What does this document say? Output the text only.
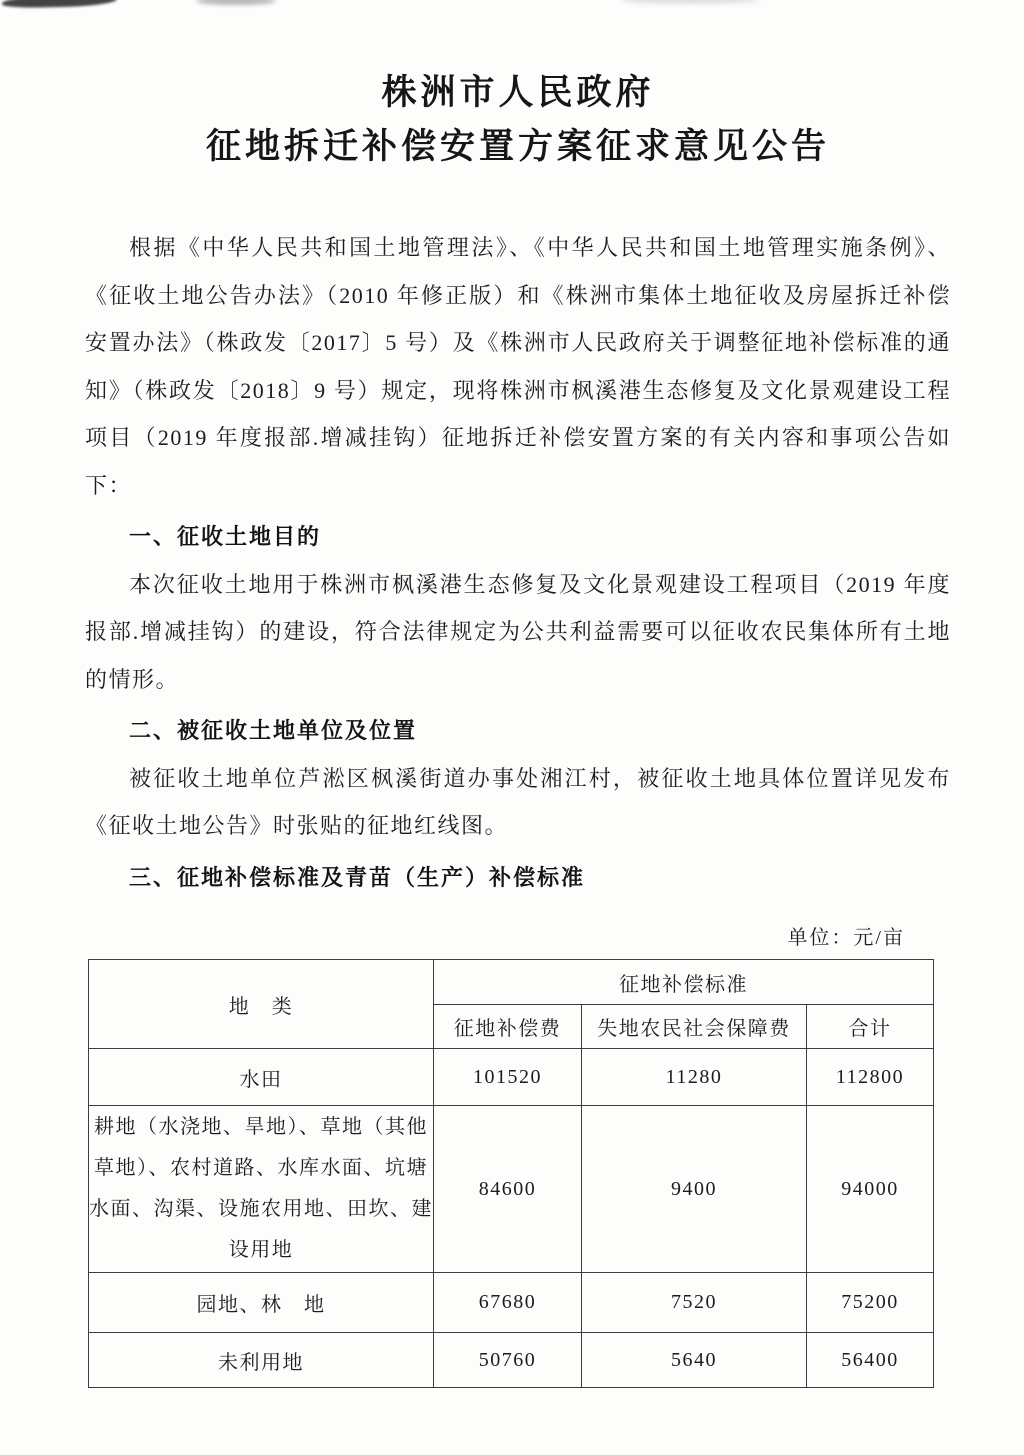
株洲市人民政府
征地拆迁补偿安置方案征求意见公告

根据《中华人民共和国土地管理法》、《中华人民共和国土地管理实施条例》、《征收土地公告办法》（2010 年修正版）和《株洲市集体土地征收及房屋拆迁补偿安置办法》（株政发〔2017〕5 号）及《株洲市人民政府关于调整征地补偿标准的通知》（株政发〔2018〕9 号）规定，现将株洲市枫溪港生态修复及文化景观建设工程项目（2019 年度报部.增减挂钩）征地拆迁补偿安置方案的有关内容和事项公告如下：

一、征收土地目的

本次征收土地用于株洲市枫溪港生态修复及文化景观建设工程项目（2019 年度报部.增减挂钩）的建设，符合法律规定为公共利益需要可以征收农民集体所有土地的情形。

二、被征收土地单位及位置

被征收土地单位芦淞区枫溪街道办事处湘江村，被征收土地具体位置详见发布《征收土地公告》时张贴的征地红线图。

三、征地补偿标准及青苗（生产）补偿标准

单位：元/亩
地　类	征地补偿标准		
	征地补偿费	失地农民社会保障费	合计
水田	101520	11280	112800
耕地（水浇地、旱地）、草地（其他草地）、农村道路、水库水面、坑塘水面、沟渠、设施农用地、田坎、建设用地	84600	9400	94000
园地、林　地	67680	7520	75200
未利用地	50760	5640	56400
